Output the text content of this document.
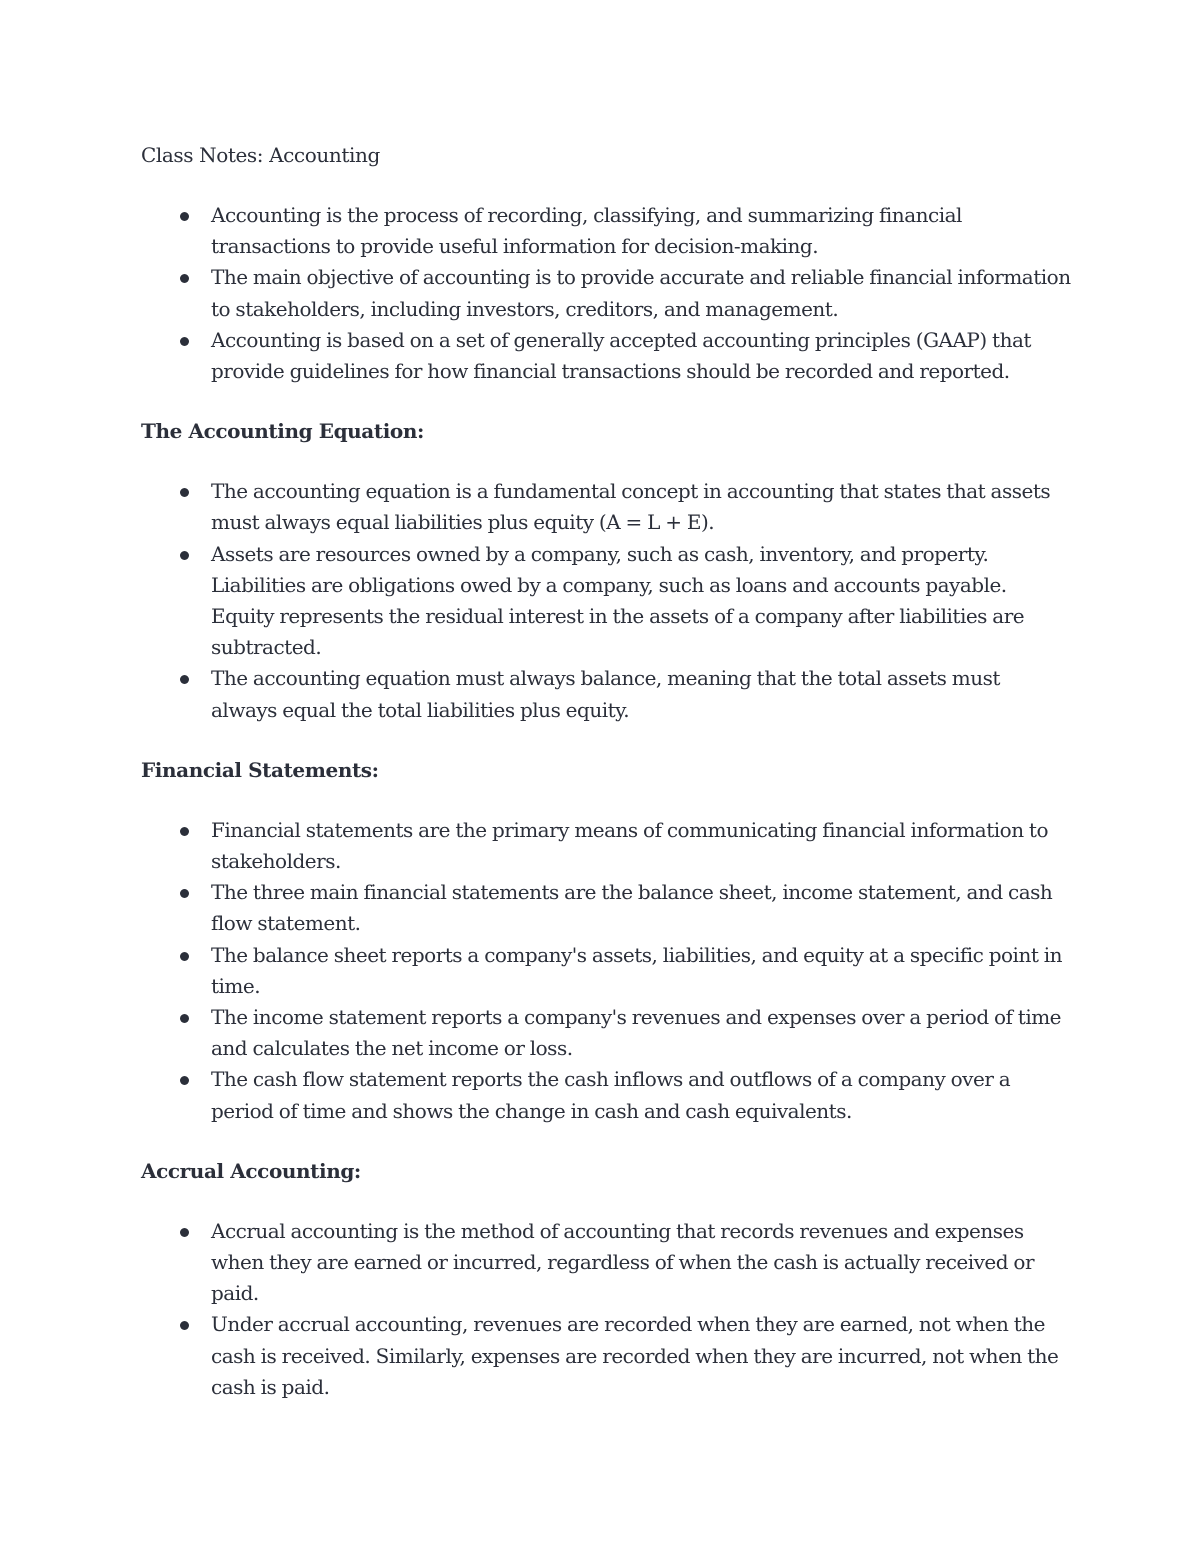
Class Notes: Accounting
Accounting is the process of recording, classifying, and summarizing financial transactions to provide useful information for decision-making.
The main objective of accounting is to provide accurate and reliable financial information to stakeholders, including investors, creditors, and management.
Accounting is based on a set of generally accepted accounting principles (GAAP) that provide guidelines for how financial transactions should be recorded and reported.
The Accounting Equation:
The accounting equation is a fundamental concept in accounting that states that assets must always equal liabilities plus equity (A = L + E).
Assets are resources owned by a company, such as cash, inventory, and property. Liabilities are obligations owed by a company, such as loans and accounts payable. Equity represents the residual interest in the assets of a company after liabilities are subtracted.
The accounting equation must always balance, meaning that the total assets must always equal the total liabilities plus equity.
Financial Statements:
Financial statements are the primary means of communicating financial information to stakeholders.
The three main financial statements are the balance sheet, income statement, and cash flow statement.
The balance sheet reports a company's assets, liabilities, and equity at a specific point in time.
The income statement reports a company's revenues and expenses over a period of time and calculates the net income or loss.
The cash flow statement reports the cash inflows and outflows of a company over a period of time and shows the change in cash and cash equivalents.
Accrual Accounting:
Accrual accounting is the method of accounting that records revenues and expenses when they are earned or incurred, regardless of when the cash is actually received or paid.
Under accrual accounting, revenues are recorded when they are earned, not when the cash is received. Similarly, expenses are recorded when they are incurred, not when the cash is paid.
